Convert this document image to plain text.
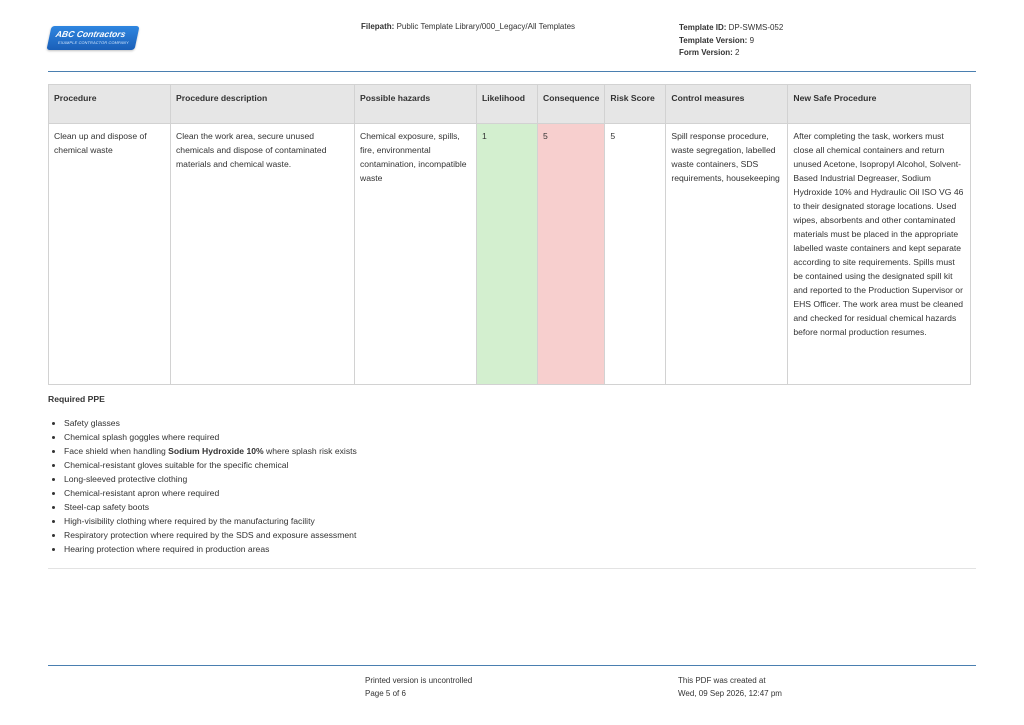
ABC Contractors
EXAMPLE CONTRACTOR COMPANY
Filepath: Public Template Library/000_Legacy/All Templates	Template ID: DP-SWMS-052
Template Version: 9
Form Version: 2
Procedure	Procedure description	Possible hazards	Likelihood	Consequence	Risk Score	Control measures	New Safe Procedure
Clean up and dispose of chemical waste	Clean the work area, secure unused chemicals and dispose of contaminated materials and chemical waste.	Chemical exposure, spills, fire, environmental contamination, incompatible waste	1	5	5	Spill response procedure, waste segregation, labelled waste containers, SDS requirements, housekeeping	After completing the task, workers must close all chemical containers and return unused Acetone, Isopropyl Alcohol, Solvent-Based Industrial Degreaser, Sodium Hydroxide 10% and Hydraulic Oil ISO VG 46 to their designated storage locations. Used wipes, absorbents and other contaminated materials must be placed in the appropriate labelled waste containers and kept separate according to site requirements. Spills must be contained using the designated spill kit and reported to the Production Supervisor or EHS Officer. The work area must be cleaned and checked for residual chemical hazards before normal production resumes.
Required PPE
• Safety glasses
• Chemical splash goggles where required
• Face shield when handling Sodium Hydroxide 10% where splash risk exists
• Chemical-resistant gloves suitable for the specific chemical
• Long-sleeved protective clothing
• Chemical-resistant apron where required
• Steel-cap safety boots
• High-visibility clothing where required by the manufacturing facility
• Respiratory protection where required by the SDS and exposure assessment
• Hearing protection where required in production areas
Printed version is uncontrolled
Page 5 of 6
This PDF was created at
Wed, 09 Sep 2026, 12:47 pm
